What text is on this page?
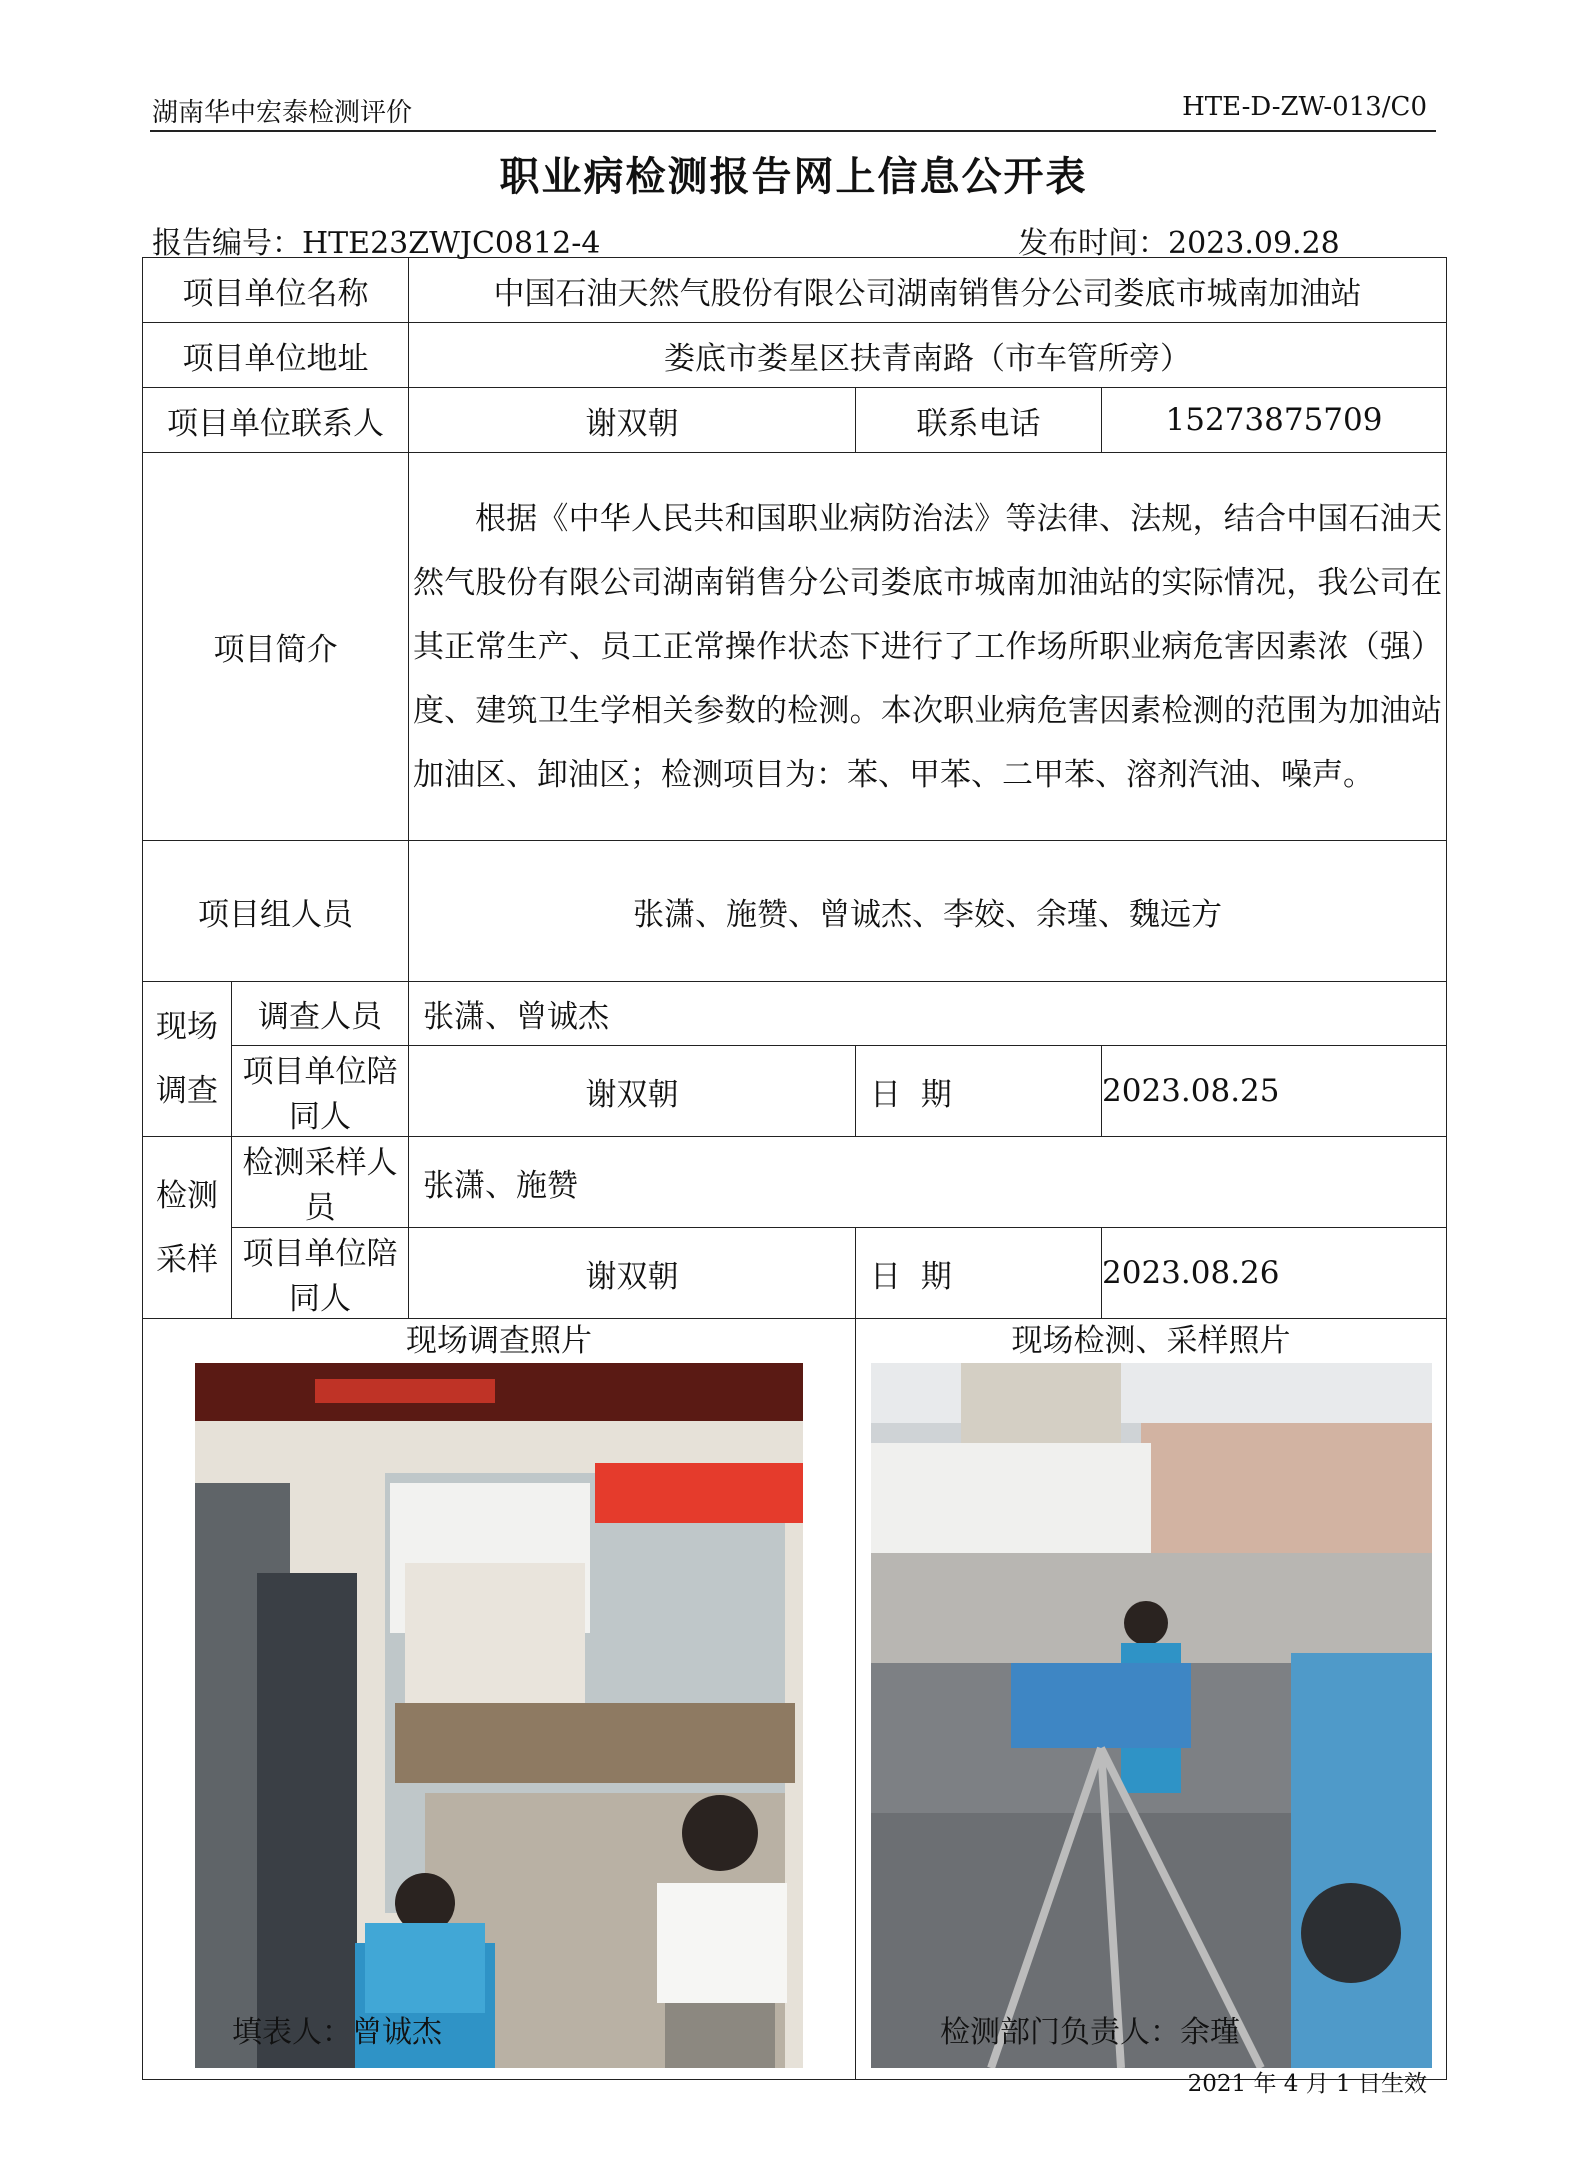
湖南华中宏泰检测评价	HTE-D-ZW-013/C0
职业病检测报告网上信息公开表
报告编号：HTE23ZWJC0812-4	发布时间：2023.09.28
项目单位名称		中国石油天然气股份有限公司湖南销售分公司娄底市城南加油站		
项目单位地址		娄底市娄星区扶青南路（市车管所旁）		
项目单位联系人		谢双朝	联系电话	15273875709
项目简介		根据《中华人民共和国职业病防治法》等法律、法规，结合中国石油天然气股份有限公司湖南销售分公司娄底市城南加油站的实际情况，我公司在其正常生产、员工正常操作状态下进行了工作场所职业病危害因素浓（强）度、建筑卫生学相关参数的检测。本次职业病危害因素检测的范围为加油站加油区、卸油区；检测项目为：苯、甲苯、二甲苯、溶剂汽油、噪声。		

项目组人员		张潇、施赞、曾诚杰、李姣、余瑾、魏远方		
现场
调查	调查人员	张潇、曾诚杰		
	项目单位陪同人	谢双朝	日  期	2023.08.25
检测
采样	检测采样人员	张潇、施赞		
	项目单位陪同人	谢双朝	日  期	2023.08.26

现场调查照片			现场检测、采样照片	
填表人：曾诚杰	检测部门负责人：余瑾
2021 年 4 月 1 日生效
